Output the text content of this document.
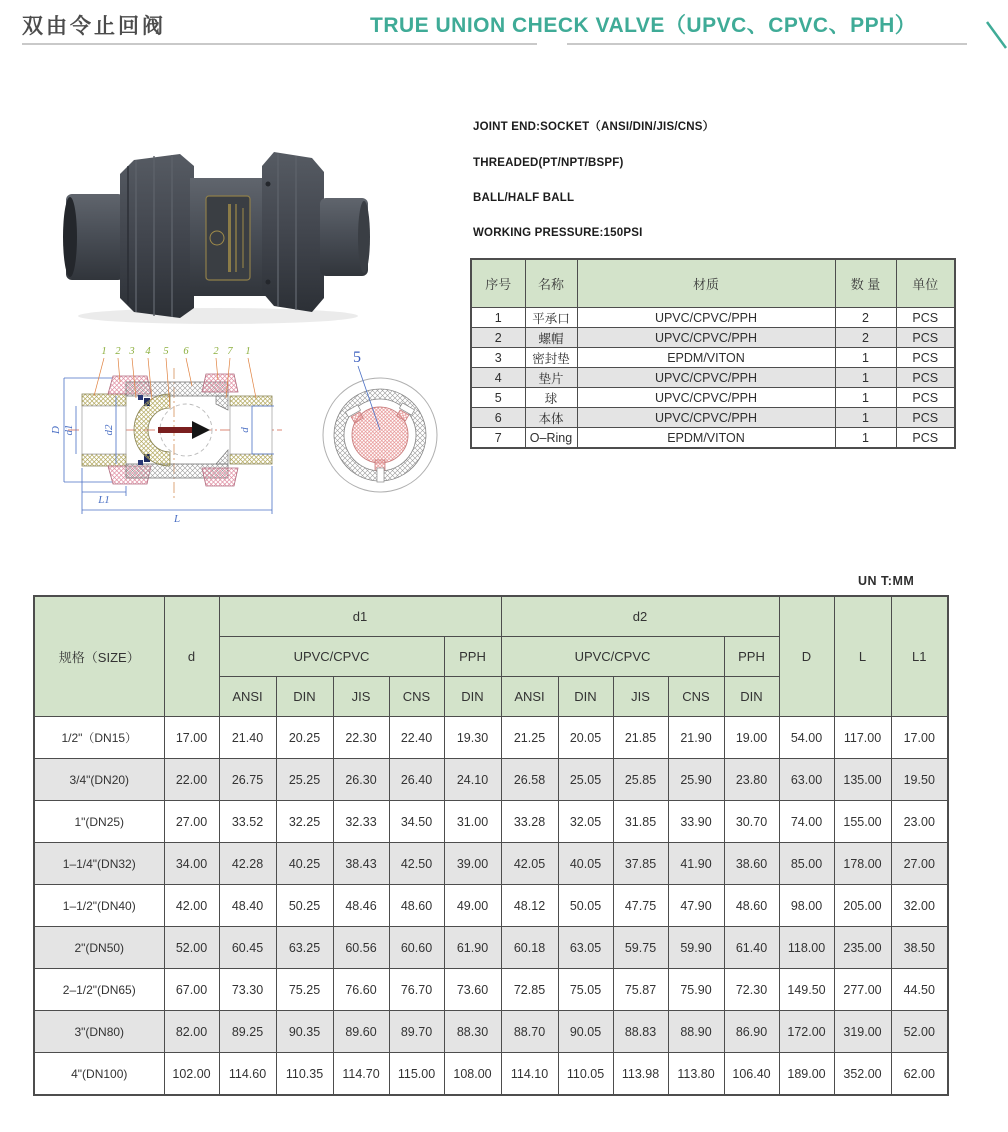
双由令止回阀	TRUE UNION CHECK VALVE（UPVC、CPVC、PPH）

JOINT END:SOCKET（ANSI/DIN/JIS/CNS）

THREADED(PT/NPT/BSPF)

BALL/HALF BALL

WORKING PRESSURE:150PSI

序号	名称	材质	数 量	单位
1	平承口	UPVC/CPVC/PPH	2	PCS
2	螺帽	UPVC/CPVC/PPH	2	PCS
3	密封垫	EPDM/VITON	1	PCS
4	垫片	UPVC/CPVC/PPH	1	PCS
5	球	UPVC/CPVC/PPH	1	PCS
6	本体	UPVC/CPVC/PPH	1	PCS
7	O–Ring	EPDM/VITON	1	PCS
D d1	d2	d
L1
L
1 2 3 4 5 6 2 7 1	5
UN T:MM
规格（SIZE）	d	d1					d2					D	L	L1
		UPVC/CPVC				PPH	UPVC/CPVC				PPH			
		ANSI	DIN	JIS	CNS	DIN	ANSI	DIN	JIS	CNS	DIN			
1/2"（DN15）	17.00	21.40	20.25	22.30	22.40	19.30	21.25	20.05	21.85	21.90	19.00	54.00	117.00	17.00
3/4"(DN20)	22.00	26.75	25.25	26.30	26.40	24.10	26.58	25.05	25.85	25.90	23.80	63.00	135.00	19.50
1"(DN25)	27.00	33.52	32.25	32.33	34.50	31.00	33.28	32.05	31.85	33.90	30.70	74.00	155.00	23.00
1–1/4"(DN32)	34.00	42.28	40.25	38.43	42.50	39.00	42.05	40.05	37.85	41.90	38.60	85.00	178.00	27.00
1–1/2"(DN40)	42.00	48.40	50.25	48.46	48.60	49.00	48.12	50.05	47.75	47.90	48.60	98.00	205.00	32.00
2"(DN50)	52.00	60.45	63.25	60.56	60.60	61.90	60.18	63.05	59.75	59.90	61.40	118.00	235.00	38.50
2–1/2"(DN65)	67.00	73.30	75.25	76.60	76.70	73.60	72.85	75.05	75.87	75.90	72.30	149.50	277.00	44.50
3"(DN80)	82.00	89.25	90.35	89.60	89.70	88.30	88.70	90.05	88.83	88.90	86.90	172.00	319.00	52.00
4"(DN100)	102.00	114.60	110.35	114.70	115.00	108.00	114.10	110.05	113.98	113.80	106.40	189.00	352.00	62.00
